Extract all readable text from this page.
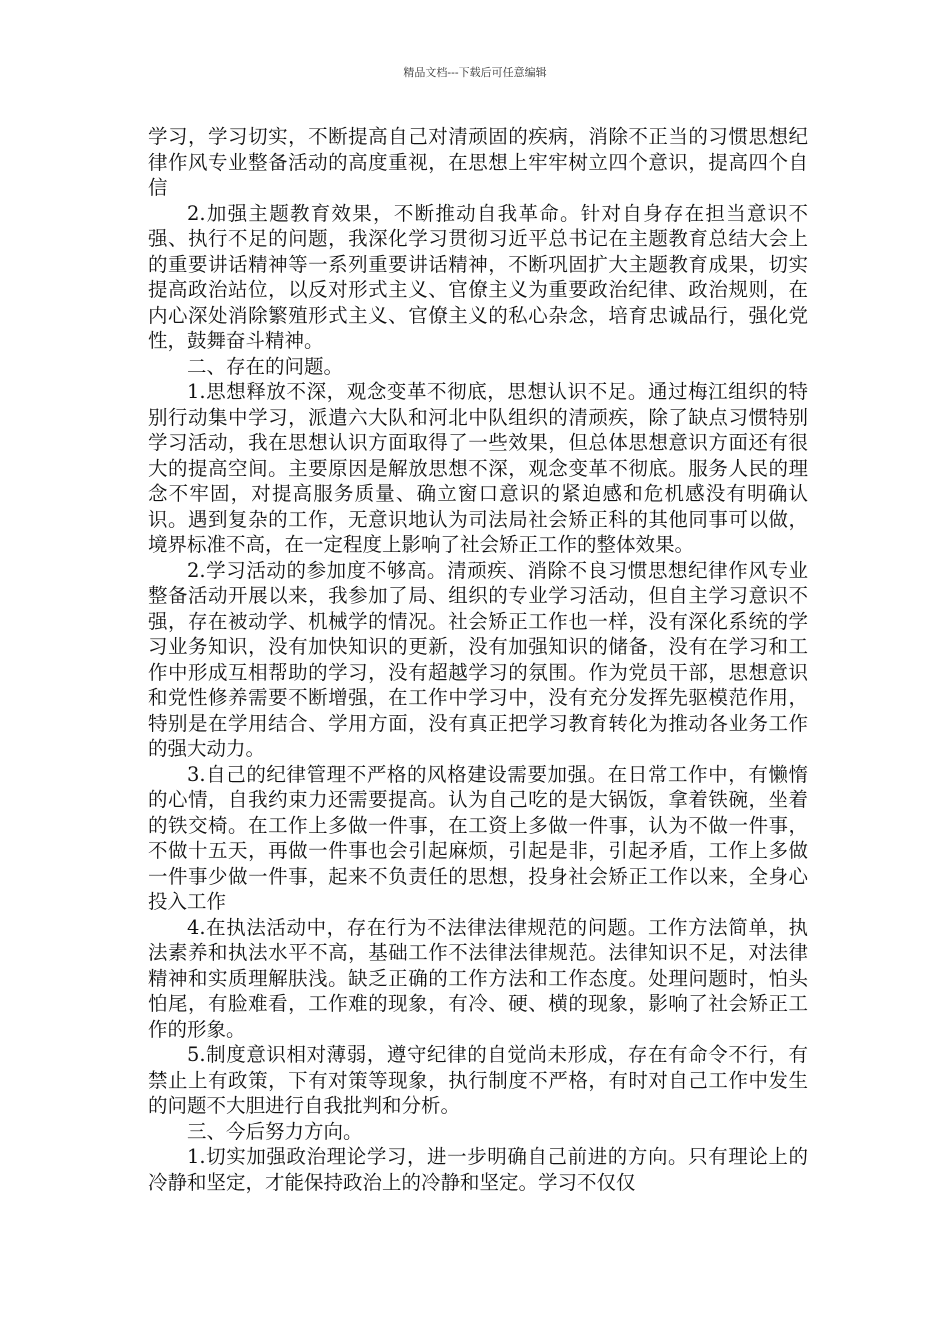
精品文档---下载后可任意编辑

学习，学习切实，不断提高自己对清顽固的疾病，消除不正当的习惯思想纪律作风专业整备活动的高度重视，在思想上牢牢树立四个意识，提高四个自信

2.加强主题教育效果，不断推动自我革命。针对自身存在担当意识不强、执行不足的问题，我深化学习贯彻习近平总书记在主题教育总结大会上的重要讲话精神等一系列重要讲话精神，不断巩固扩大主题教育成果，切实提高政治站位，以反对形式主义、官僚主义为重要政治纪律、政治规则，在内心深处消除繁殖形式主义、官僚主义的私心杂念，培育忠诚品行，强化党性，鼓舞奋斗精神。

二、存在的问题。

1.思想释放不深，观念变革不彻底，思想认识不足。通过梅江组织的特别行动集中学习，派遣六大队和河北中队组织的清顽疾，除了缺点习惯特别学习活动，我在思想认识方面取得了一些效果，但总体思想意识方面还有很大的提高空间。主要原因是解放思想不深，观念变革不彻底。服务人民的理念不牢固，对提高服务质量、确立窗口意识的紧迫感和危机感没有明确认识。遇到复杂的工作，无意识地认为司法局社会矫正科的其他同事可以做，境界标准不高，在一定程度上影响了社会矫正工作的整体效果。

2.学习活动的参加度不够高。清顽疾、消除不良习惯思想纪律作风专业整备活动开展以来，我参加了局、组织的专业学习活动，但自主学习意识不强，存在被动学、机械学的情况。社会矫正工作也一样，没有深化系统的学习业务知识，没有加快知识的更新，没有加强知识的储备，没有在学习和工作中形成互相帮助的学习，没有超越学习的氛围。作为党员干部，思想意识和党性修养需要不断增强，在工作中学习中，没有充分发挥先驱模范作用，特别是在学用结合、学用方面，没有真正把学习教育转化为推动各业务工作的强大动力。

3.自己的纪律管理不严格的风格建设需要加强。在日常工作中，有懒惰的心情，自我约束力还需要提高。认为自己吃的是大锅饭，拿着铁碗，坐着的铁交椅。在工作上多做一件事，在工资上多做一件事，认为不做一件事，不做十五天，再做一件事也会引起麻烦，引起是非，引起矛盾，工作上多做一件事少做一件事，起来不负责任的思想，投身社会矫正工作以来，全身心投入工作

4.在执法活动中，存在行为不法律法律规范的问题。工作方法简单，执法素养和执法水平不高，基础工作不法律法律规范。法律知识不足，对法律精神和实质理解肤浅。缺乏正确的工作方法和工作态度。处理问题时，怕头怕尾，有脸难看，工作难的现象，有冷、硬、横的现象，影响了社会矫正工作的形象。

5.制度意识相对薄弱，遵守纪律的自觉尚未形成，存在有命令不行，有禁止上有政策，下有对策等现象，执行制度不严格，有时对自己工作中发生的问题不大胆进行自我批判和分析。

三、今后努力方向。

1.切实加强政治理论学习，进一步明确自己前进的方向。只有理论上的冷静和坚定，才能保持政治上的冷静和坚定。学习不仅仅
